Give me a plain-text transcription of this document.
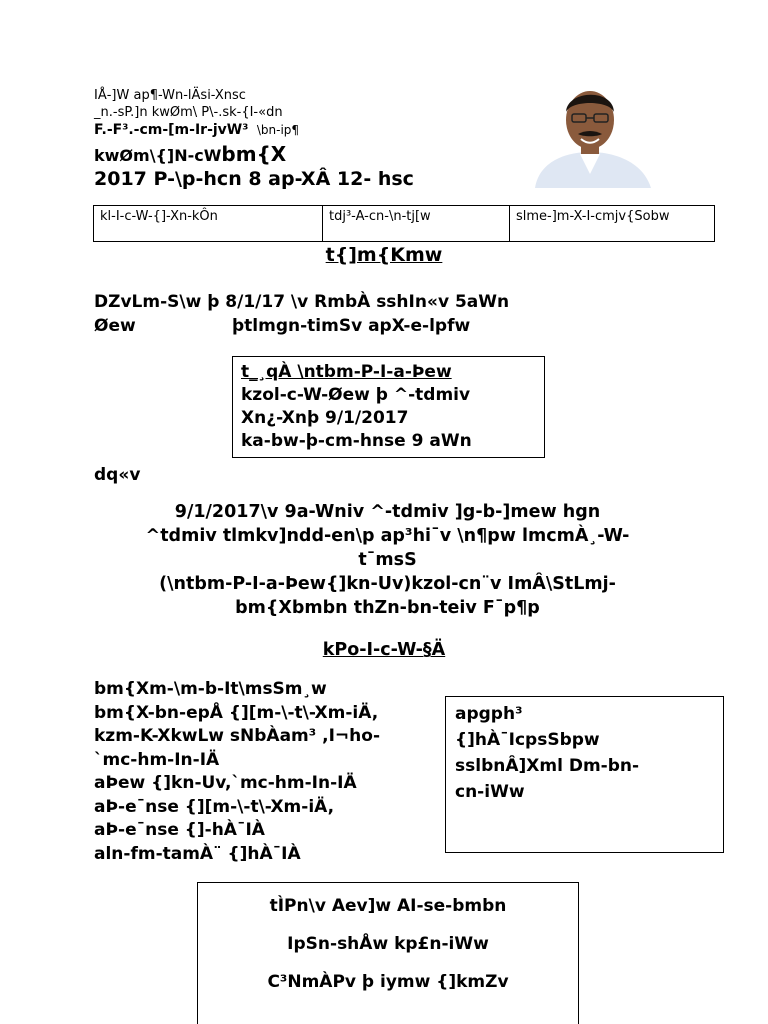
IÅ-]W ap¶-Wn-lÄsi-Xnsc
_n.-sP.]n kwØm\ P\-.sk-{I-«dn
F.-F³.-cm-[m-Ir-jvW³ \bn-ip¶
kwØm\{]N-cWbm{X
2017 P-\p-hcn 8 ap-XÂ 12- hsc
kl-I-c-W-{]-Xn-kÔn	tdj³-A-cn-\n-tj[w	slme-]m-X-I-cmjv{Sobw
t{]m{Kmw
DZvLm-S\w þ 8/1/17 \v RmbÀ sshIn«v 5aWn
Øew	þtlmgn-timSv apX-e-lpfw
t_¸qÀ \ntbm-P-I-a-Þew
kzol-c-W-Øew þ ^-tdmiv
Xn¿-Xnþ 9/1/2017
ka-bw-þ-cm-hnse 9 aWn
dq«v
9/1/2017\v 9a-Wniv ^-tdmiv ]g-b-]mew hgn
^tdmiv tlmkv]ndd-en\p ap³hi¯v \n¶pw lmcmÀ¸-W-
t¯msS
(\ntbm-P-I-a-Þew{]kn-Uv)kzol-cn¨v ImÂ\StLmj-
bm{Xbmbn thZn-bn-teiv F¯p¶p
kPo-I-c-W-§Ä
bm{Xm-\m-b-It\msSm¸w
bm{X-bn-epÅ {][m-\-t\-Xm-iÄ,
kzm-K-XkwLw sNbÀam³ ,I¬ho-
`mc-hm-In-IÄ
aÞew {]kn-Uv,`mc-hm-In-IÄ
aÞ-e¯nse {][m-\-t\-Xm-iÄ,
aÞ-e¯nse {]-hÀ¯IÀ
aln-fm-tamÀ¨ {]hÀ¯IÀ
apgph³
{]hÀ¯IcpsSbpw
sslbnÂ]Xml Dm-bn-
cn-iWw
tÌPn\v Aev]w AI-se-bmbn
IpSn-shÅw kp£n-iWw
C³NmÀPv þ iymw {]kmZv
